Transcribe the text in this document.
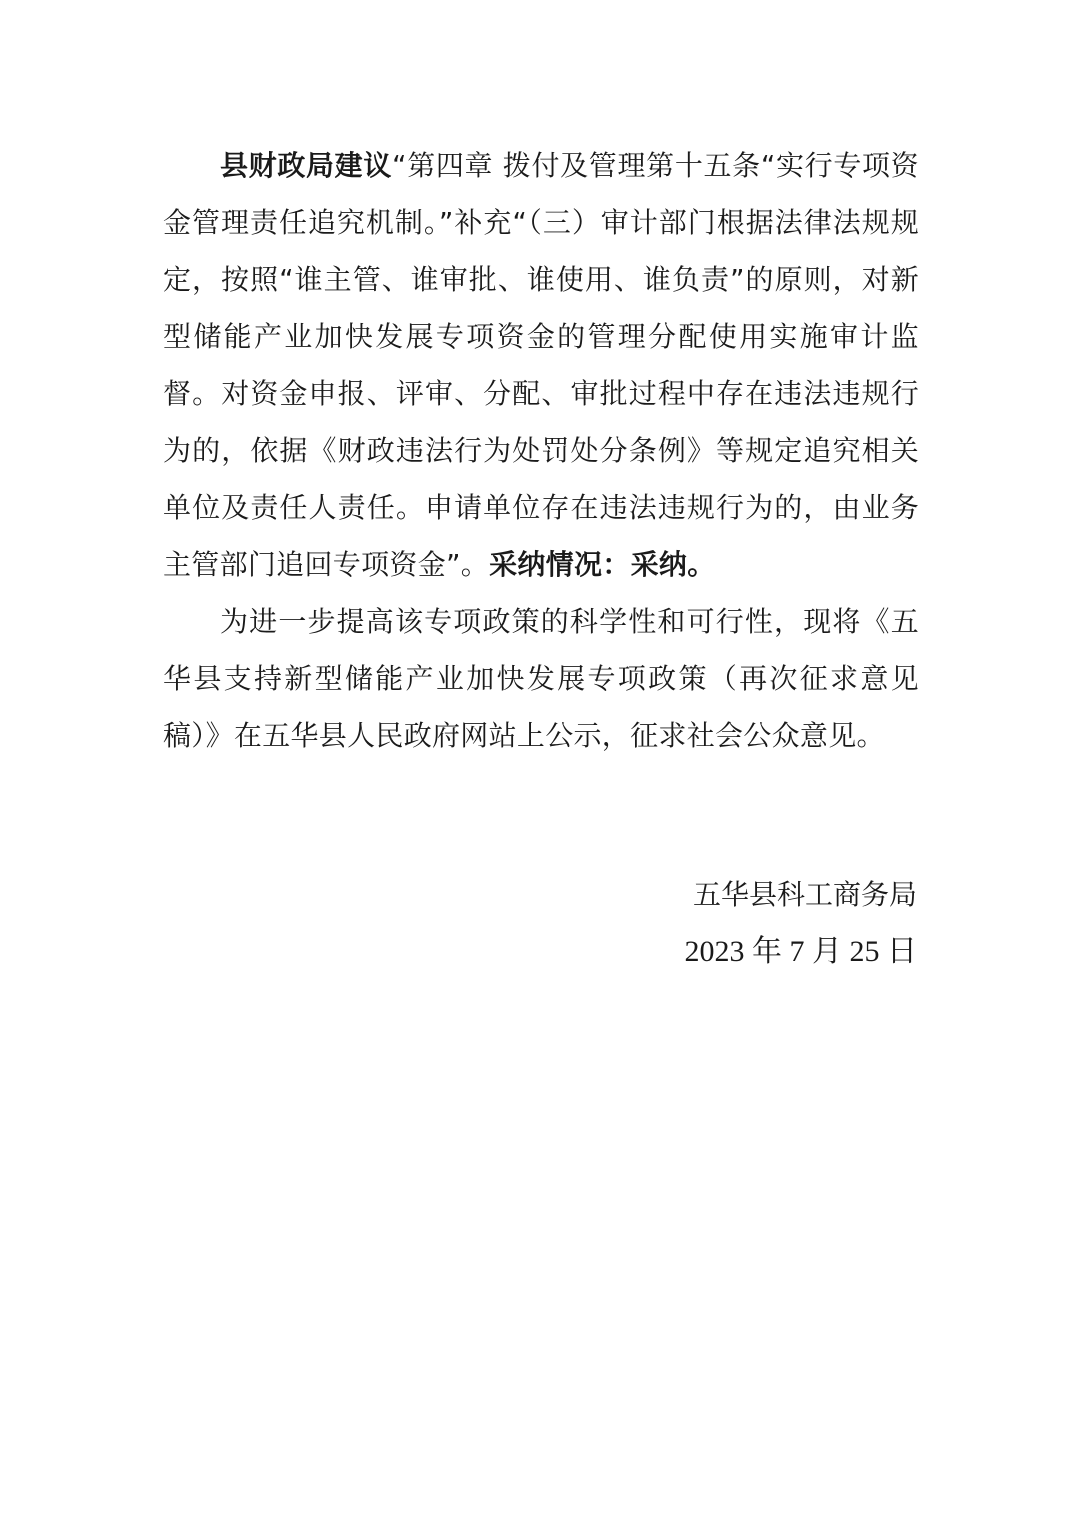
县财政局建议“第四章 拨付及管理第十五条“实行专项资金管理责任追究机制。”补充“（三）审计部门根据法律法规规定，按照“谁主管、谁审批、谁使用、谁负责”的原则，对新型储能产业加快发展专项资金的管理分配使用实施审计监督。对资金申报、评审、分配、审批过程中存在违法违规行为的，依据《财政违法行为处罚处分条例》等规定追究相关单位及责任人责任。申请单位存在违法违规行为的，由业务主管部门追回专项资金”。采纳情况：采纳。

为进一步提高该专项政策的科学性和可行性，现将《五华县支持新型储能产业加快发展专项政策（再次征求意见稿）》在五华县人民政府网站上公示，征求社会公众意见。

五华县科工商务局
2023 年 7 月 25 日
